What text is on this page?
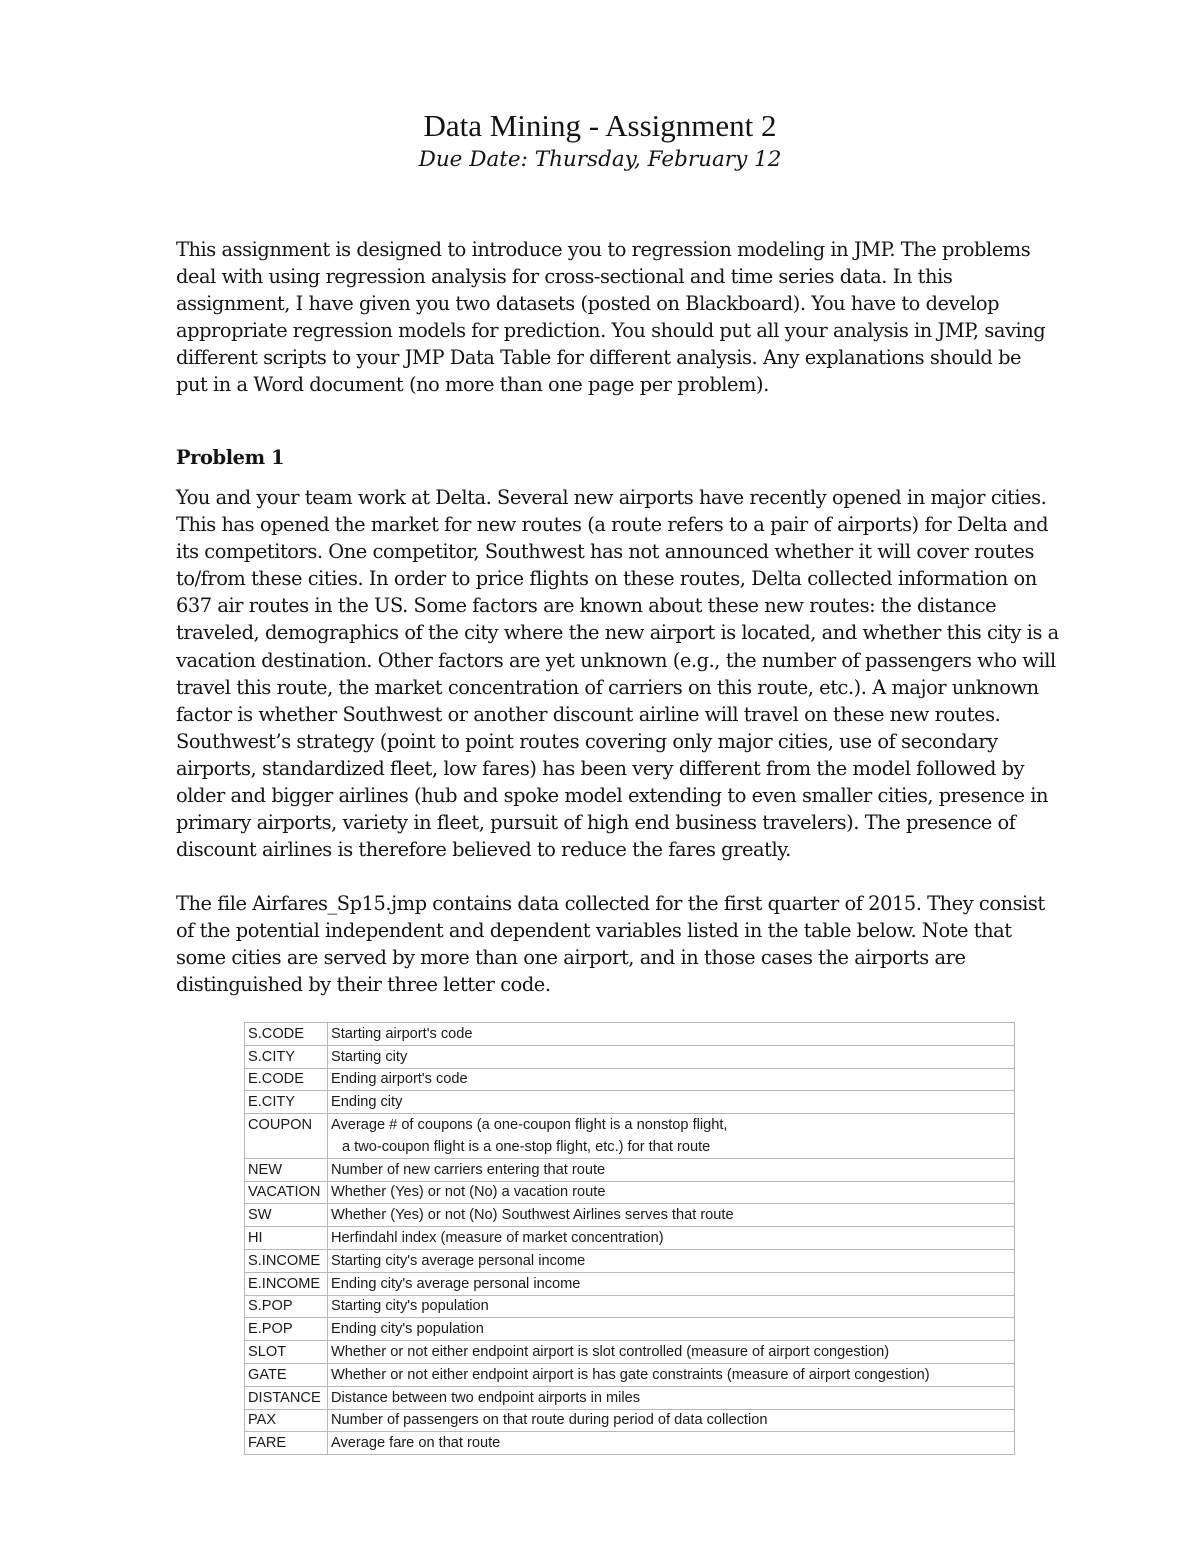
Data Mining - Assignment 2
Due Date: Thursday, February 12

This assignment is designed to introduce you to regression modeling in JMP. The problems
deal with using regression analysis for cross-sectional and time series data. In this
assignment, I have given you two datasets (posted on Blackboard). You have to develop
appropriate regression models for prediction. You should put all your analysis in JMP, saving
different scripts to your JMP Data Table for different analysis. Any explanations should be
put in a Word document (no more than one page per problem).

Problem 1

You and your team work at Delta. Several new airports have recently opened in major cities.
This has opened the market for new routes (a route refers to a pair of airports) for Delta and
its competitors. One competitor, Southwest has not announced whether it will cover routes
to/from these cities. In order to price flights on these routes, Delta collected information on
637 air routes in the US. Some factors are known about these new routes: the distance
traveled, demographics of the city where the new airport is located, and whether this city is a
vacation destination. Other factors are yet unknown (e.g., the number of passengers who will
travel this route, the market concentration of carriers on this route, etc.). A major unknown
factor is whether Southwest or another discount airline will travel on these new routes.
Southwest’s strategy (point to point routes covering only major cities, use of secondary
airports, standardized fleet, low fares) has been very different from the model followed by
older and bigger airlines (hub and spoke model extending to even smaller cities, presence in
primary airports, variety in fleet, pursuit of high end business travelers). The presence of
discount airlines is therefore believed to reduce the fares greatly.

The file Airfares_Sp15.jmp contains data collected for the first quarter of 2015. They consist
of the potential independent and dependent variables listed in the table below. Note that
some cities are served by more than one airport, and in those cases the airports are
distinguished by their three letter code.

S.CODE	Starting airport's code
S.CITY	Starting city
E.CODE	Ending airport's code
E.CITY	Ending city
COUPON	Average # of coupons (a one-coupon flight is a nonstop flight,
	a two-coupon flight is a one-stop flight, etc.) for that route
NEW	Number of new carriers entering that route
VACATION	Whether (Yes) or not (No) a vacation route
SW	Whether (Yes) or not (No) Southwest Airlines serves that route
HI	Herfindahl index (measure of market concentration)
S.INCOME	Starting city's average personal income
E.INCOME	Ending city's average personal income
S.POP	Starting city's population
E.POP	Ending city's population
SLOT	Whether or not either endpoint airport is slot controlled (measure of airport congestion)
GATE	Whether or not either endpoint airport is has gate constraints (measure of airport congestion)
DISTANCE	Distance between two endpoint airports in miles
PAX	Number of passengers on that route during period of data collection
FARE	Average fare on that route
